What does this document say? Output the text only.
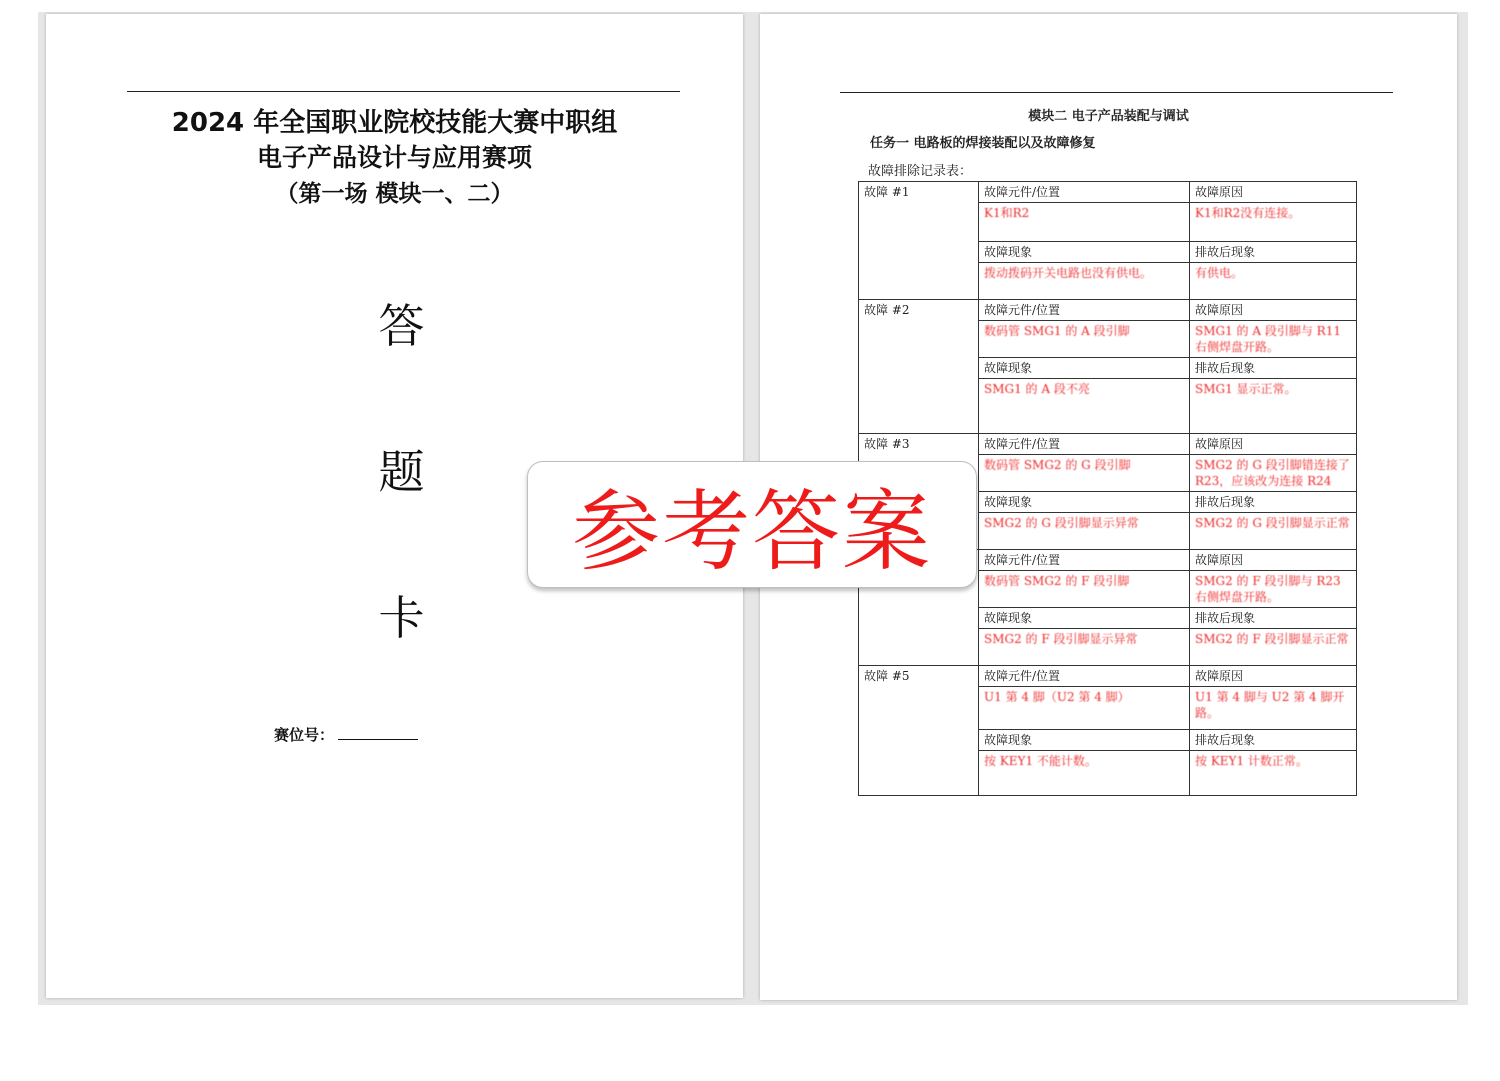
2024 年全国职业院校技能大赛中职组
电子产品设计与应用赛项
（第一场 模块一、二）
答
题
卡
赛位号：
模块二 电子产品装配与调试
任务一 电路板的焊接装配以及故障修复
故障排除记录表：
故障 #1	故障元件/位置	故障原因
	K1和R2	K1和R2没有连接。
	故障现象	排故后现象
	拨动拨码开关电路也没有供电。	有供电。
故障 #2	故障元件/位置	故障原因
	数码管 SMG1 的 A 段引脚	SMG1 的 A 段引脚与 R11 右侧焊盘开路。
	故障现象	排故后现象
	SMG1 的 A 段不亮	SMG1 显示正常。
故障 #3	故障元件/位置	故障原因
	数码管 SMG2 的 G 段引脚	SMG2 的 G 段引脚错连接了 R23，应该改为连接 R24
	故障现象	排故后现象
	SMG2 的 G 段引脚显示异常	SMG2 的 G 段引脚显示正常
	故障元件/位置	故障原因
	数码管 SMG2 的 F 段引脚	SMG2 的 F 段引脚与 R23 右侧焊盘开路。
	故障现象	排故后现象
	SMG2 的 F 段引脚显示异常	SMG2 的 F 段引脚显示正常
故障 #5	故障元件/位置	故障原因
	U1 第 4 脚（U2 第 4 脚）	U1 第 4 脚与 U2 第 4 脚开路。
	故障现象	排故后现象
	按 KEY1 不能计数。	按 KEY1 计数正常。
参考答案
